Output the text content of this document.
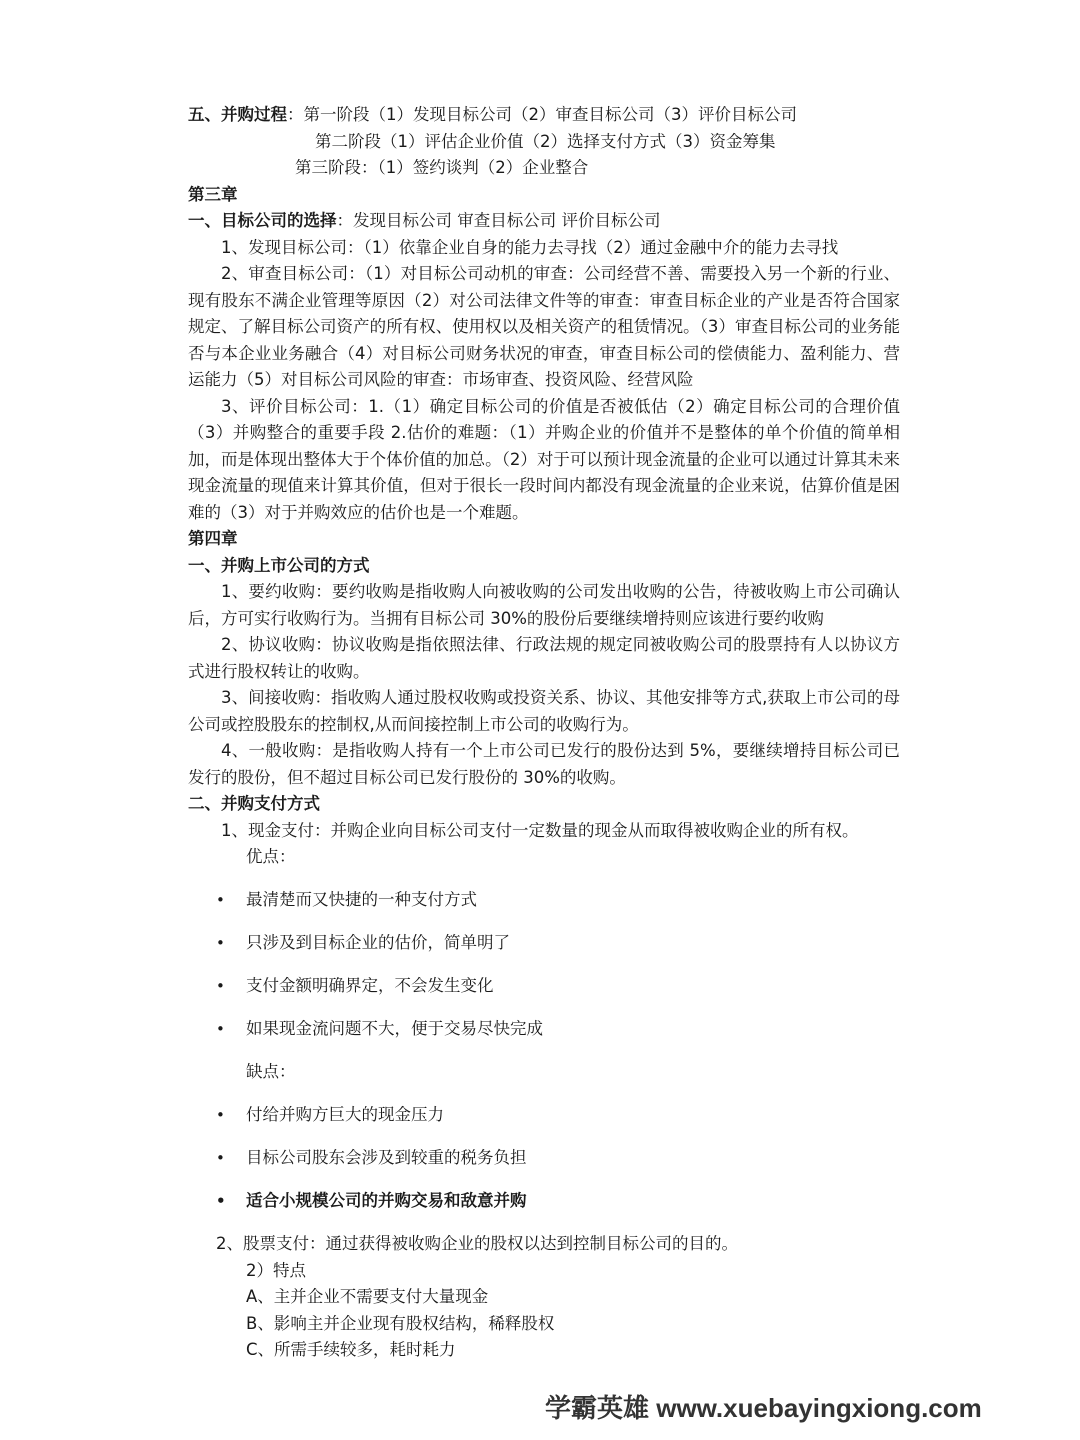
五、并购过程：第一阶段（1）发现目标公司（2）审查目标公司（3）评价目标公司

第二阶段（1）评估企业价值（2）选择支付方式（3）资金筹集

第三阶段：（1）签约谈判（2）企业整合

第三章

一、目标公司的选择：发现目标公司 审查目标公司 评价目标公司

1、发现目标公司：（1）依靠企业自身的能力去寻找（2）通过金融中介的能力去寻找

2、审查目标公司：（1）对目标公司动机的审查：公司经营不善、需要投入另一个新的行业、现有股东不满企业管理等原因（2）对公司法律文件等的审查：审查目标企业的产业是否符合国家规定、了解目标公司资产的所有权、使用权以及相关资产的租赁情况。（3）审查目标公司的业务能否与本企业业务融合（4）对目标公司财务状况的审查，审查目标公司的偿债能力、盈利能力、营运能力（5）对目标公司风险的审查：市场审查、投资风险、经营风险

3、评价目标公司：1.（1）确定目标公司的价值是否被低估（2）确定目标公司的合理价值（3）并购整合的重要手段 2.估价的难题：（1）并购企业的价值并不是整体的单个价值的简单相加，而是体现出整体大于个体价值的加总。（2）对于可以预计现金流量的企业可以通过计算其未来现金流量的现值来计算其价值，但对于很长一段时间内都没有现金流量的企业来说，估算价值是困难的（3）对于并购效应的估价也是一个难题。

第四章

一、并购上市公司的方式

1、要约收购：要约收购是指收购人向被收购的公司发出收购的公告，待被收购上市公司确认后，方可实行收购行为。当拥有目标公司 30%的股份后要继续增持则应该进行要约收购

2、协议收购：协议收购是指依照法律、行政法规的规定同被收购公司的股票持有人以协议方式进行股权转让的收购。

3、间接收购：指收购人通过股权收购或投资关系、协议、其他安排等方式,获取上市公司的母公司或控股股东的控制权,从而间接控制上市公司的收购行为。

4、一般收购：是指收购人持有一个上市公司已发行的股份达到 5%，要继续增持目标公司已发行的股份，但不超过目标公司已发行股份的 30%的收购。

二、并购支付方式

1、现金支付：并购企业向目标公司支付一定数量的现金从而取得被收购企业的所有权。

优点：

• 最清楚而又快捷的一种支付方式

• 只涉及到目标企业的估价，简单明了

• 支付金额明确界定，不会发生变化

• 如果现金流问题不大，便于交易尽快完成

缺点：

• 付给并购方巨大的现金压力

• 目标公司股东会涉及到较重的税务负担

• 适合小规模公司的并购交易和敌意并购

2、股票支付：通过获得被收购企业的股权以达到控制目标公司的目的。

2）特点

A、主并企业不需要支付大量现金

B、影响主并企业现有股权结构，稀释股权

C、所需手续较多，耗时耗力

学霸英雄 www.xuebayingxiong.com
